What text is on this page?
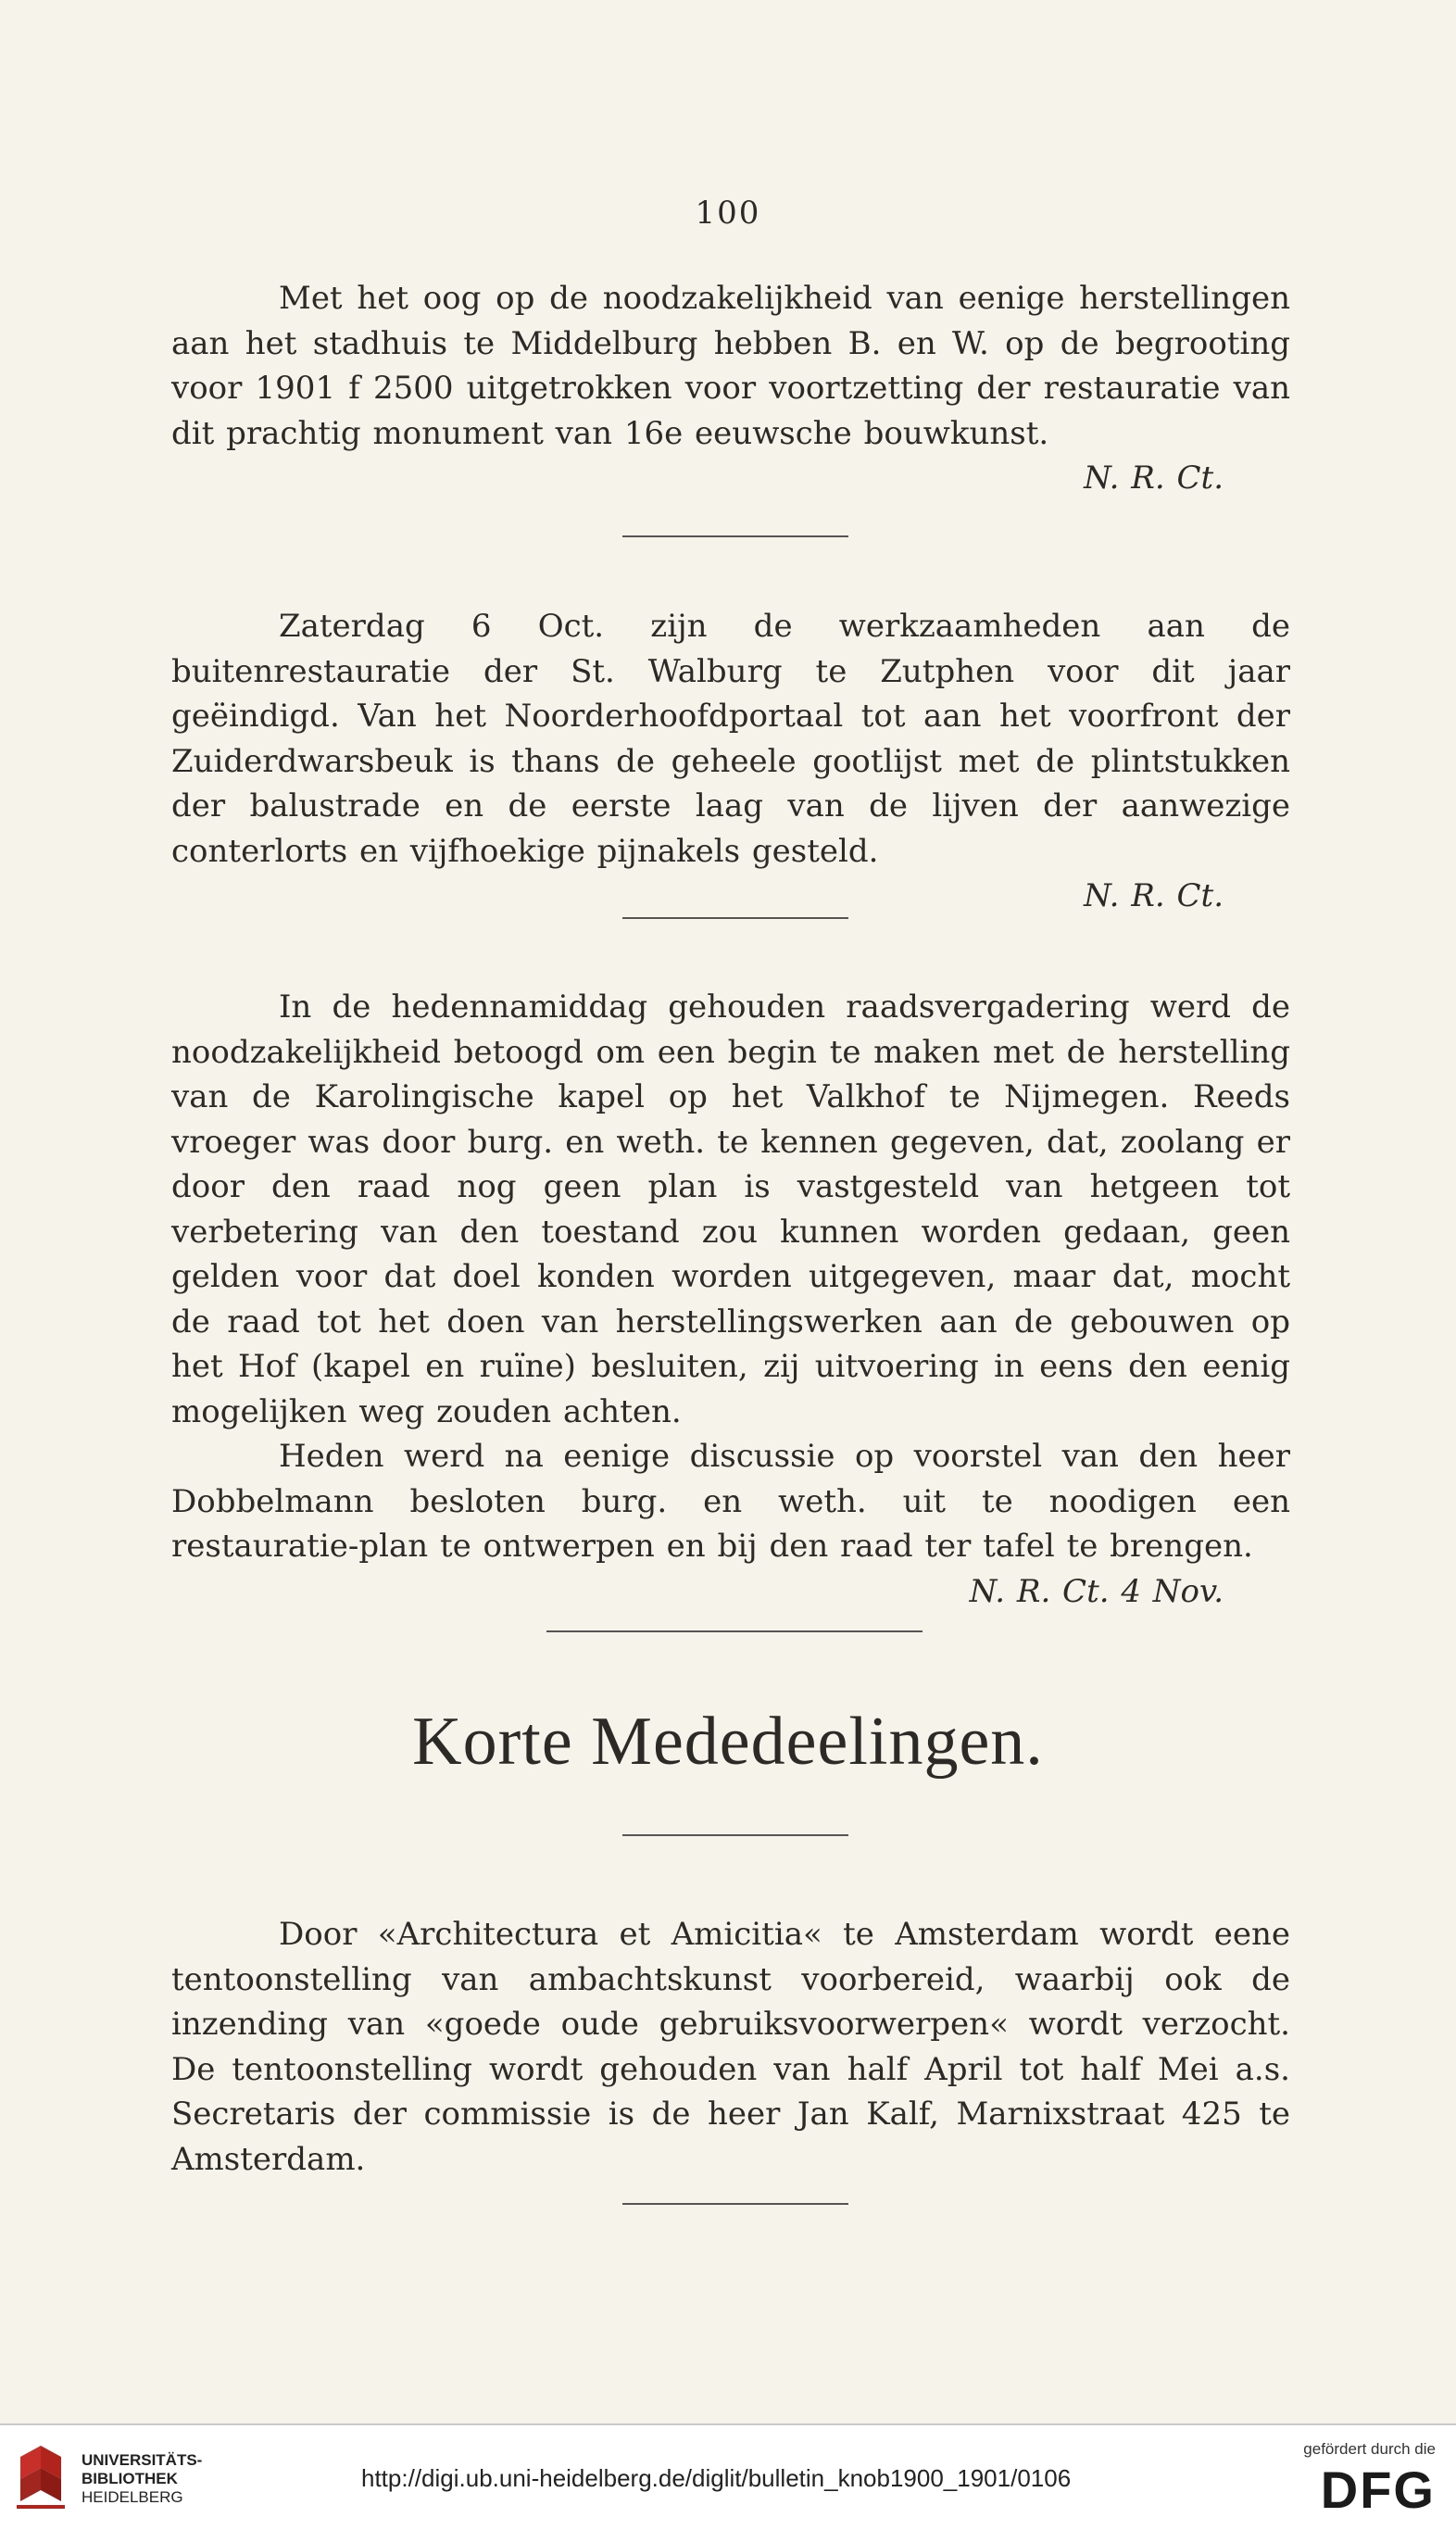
100

Met het oog op de noodzakelijkheid van eenige herstellingen aan het stadhuis te Middelburg hebben B. en W. op de begrooting voor 1901 f 2500 uitgetrokken voor voortzetting der restauratie van dit prachtig monument van 16e eeuwsche bouwkunst.

N. R. Ct.

Zaterdag 6 Oct. zijn de werkzaamheden aan de buitenrestauratie der St. Walburg te Zutphen voor dit jaar geëindigd. Van het Noorderhoofdportaal tot aan het voorfront der Zuiderdwarsbeuk is thans de geheele gootlijst met de plintstukken der balustrade en de eerste laag van de lijven der aanwezige conterlorts en vijfhoekige pijnakels gesteld.

N. R. Ct.

In de hedennamiddag gehouden raadsvergadering werd de noodzakelijkheid betoogd om een begin te maken met de herstelling van de Karolingische kapel op het Valkhof te Nijmegen. Reeds vroeger was door burg. en weth. te kennen gegeven, dat, zoolang er door den raad nog geen plan is vastgesteld van hetgeen tot verbetering van den toestand zou kunnen worden gedaan, geen gelden voor dat doel konden worden uitgegeven, maar dat, mocht de raad tot het doen van herstellingswerken aan de gebouwen op het Hof (kapel en ruïne) besluiten, zij uitvoering in eens den eenig mogelijken weg zouden achten.

Heden werd na eenige discussie op voorstel van den heer Dobbelmann besloten burg. en weth. uit te noodigen een restauratie-plan te ontwerpen en bij den raad ter tafel te brengen.

N. R. Ct. 4 Nov.
Korte Mededeelingen.

Door «Architectura et Amicitia« te Amsterdam wordt eene tentoonstelling van ambachtskunst voorbereid, waarbij ook de inzending van «goede oude gebruiksvoorwerpen« wordt verzocht. De tentoonstelling wordt gehouden van half April tot half Mei a.s. Secretaris der commissie is de heer Jan Kalf, Marnixstraat 425 te Amsterdam.

UNIVERSITÄTS-
BIBLIOTHEK
HEIDELBERG
http://digi.ub.uni-heidelberg.de/diglit/bulletin_knob1900_1901/0106
gefördert durch die
DFG
